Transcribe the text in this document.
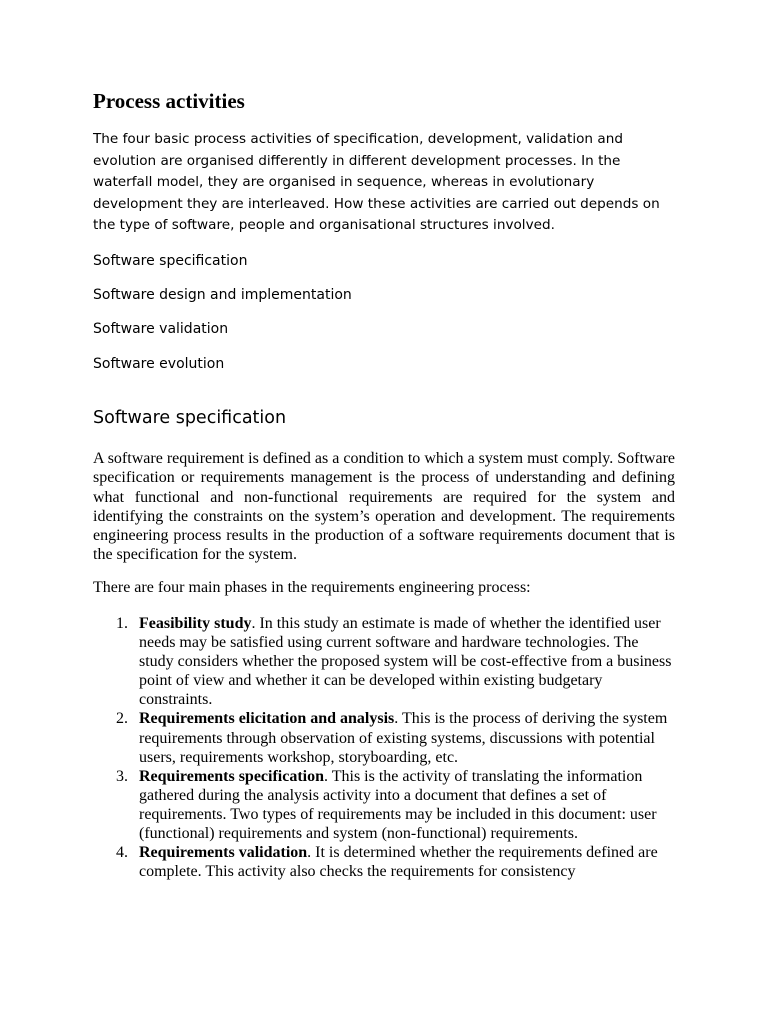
Process activities

The four basic process activities of specification, development, validation and evolution are organised differently in different development processes. In the waterfall model, they are organised in sequence, whereas in evolutionary development they are interleaved. How these activities are carried out depends on the type of software, people and organisational structures involved.

Software specification

Software design and implementation

Software validation

Software evolution

Software specification

A software requirement is defined as a condition to which a system must comply. Software specification or requirements management is the process of understanding and defining what functional and non-functional requirements are required for the system and identifying the constraints on the system’s operation and development. The requirements engineering process results in the production of a software requirements document that is the specification for the system.

There are four main phases in the requirements engineering process:

1. Feasibility study. In this study an estimate is made of whether the identified user needs may be satisfied using current software and hardware technologies. The study considers whether the proposed system will be cost-effective from a business point of view and whether it can be developed within existing budgetary constraints.
2. Requirements elicitation and analysis. This is the process of deriving the system requirements through observation of existing systems, discussions with potential users, requirements workshop, storyboarding, etc.
3. Requirements specification. This is the activity of translating the information gathered during the analysis activity into a document that defines a set of requirements. Two types of requirements may be included in this document: user (functional) requirements and system (non-functional) requirements.
4. Requirements validation. It is determined whether the requirements defined are complete. This activity also checks the requirements for consistency
